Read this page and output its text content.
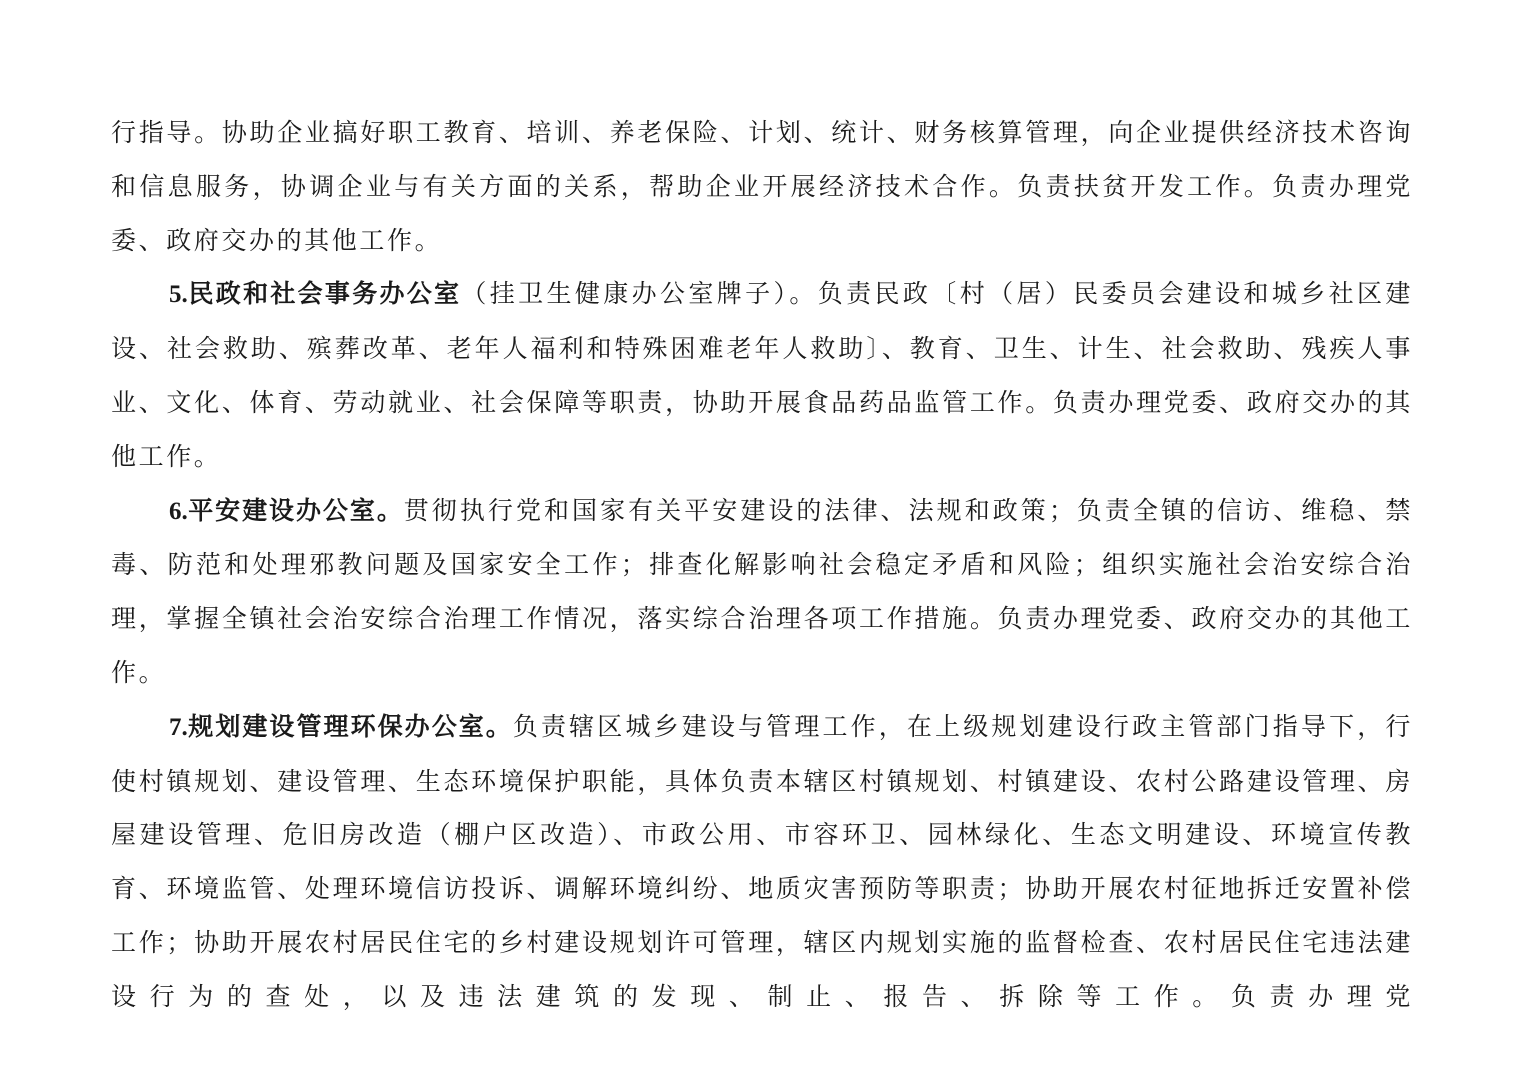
行指导。协助企业搞好职工教育、培训、养老保险、计划、统计、财务核算管理，向企业提供经济技术咨询和信息服务，协调企业与有关方面的关系，帮助企业开展经济技术合作。负责扶贫开发工作。负责办理党委、政府交办的其他工作。

5.民政和社会事务办公室（挂卫生健康办公室牌子）。负责民政〔村（居）民委员会建设和城乡社区建设、社会救助、殡葬改革、老年人福利和特殊困难老年人救助〕、教育、卫生、计生、社会救助、残疾人事业、文化、体育、劳动就业、社会保障等职责，协助开展食品药品监管工作。负责办理党委、政府交办的其他工作。

6.平安建设办公室。贯彻执行党和国家有关平安建设的法律、法规和政策；负责全镇的信访、维稳、禁毒、防范和处理邪教问题及国家安全工作；排查化解影响社会稳定矛盾和风险；组织实施社会治安综合治理，掌握全镇社会治安综合治理工作情况，落实综合治理各项工作措施。负责办理党委、政府交办的其他工作。

7.规划建设管理环保办公室。负责辖区城乡建设与管理工作，在上级规划建设行政主管部门指导下，行使村镇规划、建设管理、生态环境保护职能，具体负责本辖区村镇规划、村镇建设、农村公路建设管理、房屋建设管理、危旧房改造（棚户区改造）、市政公用、市容环卫、园林绿化、生态文明建设、环境宣传教育、环境监管、处理环境信访投诉、调解环境纠纷、地质灾害预防等职责；协助开展农村征地拆迁安置补偿工作；协助开展农村居民住宅的乡村建设规划许可管理，辖区内规划实施的监督检查、农村居民住宅违法建设行为的查处，以及违法建筑的发现、制止、报告、拆除等工作。负责办理党
